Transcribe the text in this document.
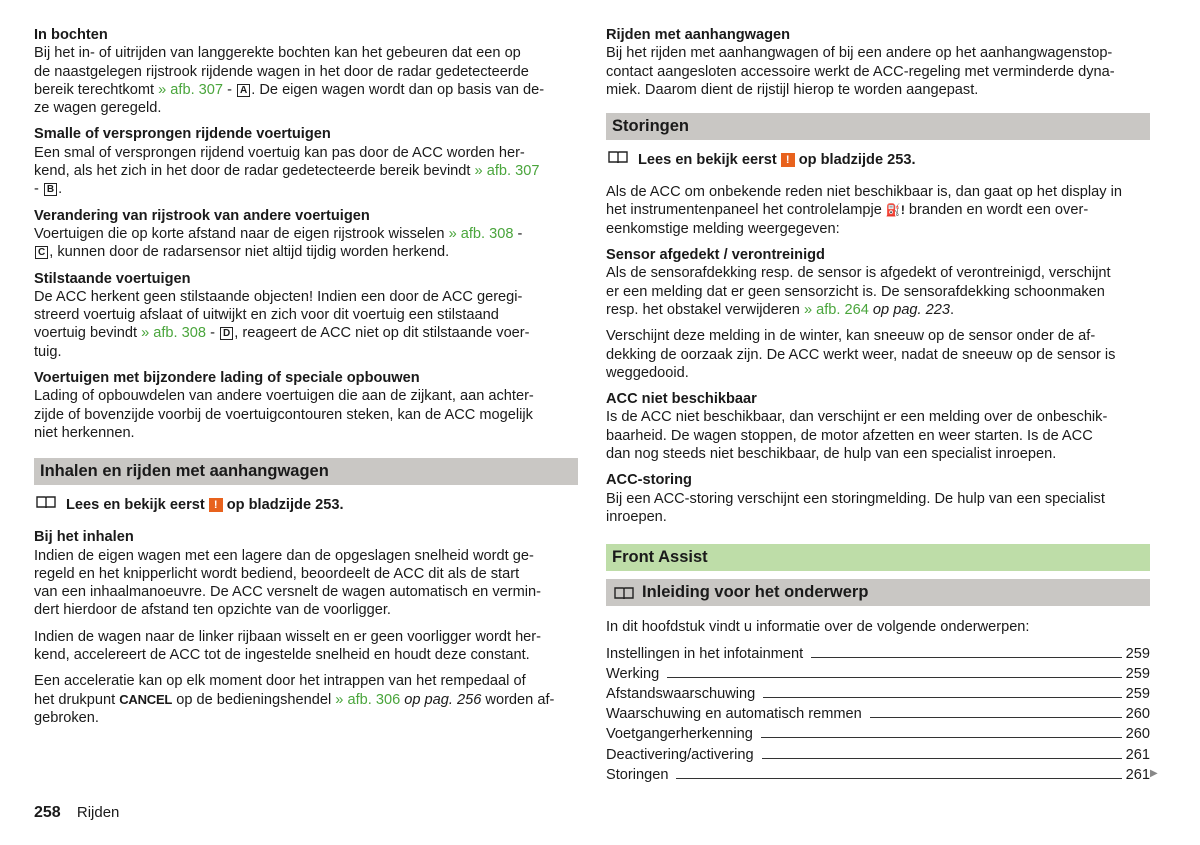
In bochten

Bij het in- of uitrijden van langgerekte bochten kan het gebeuren dat een op

de naastgelegen rijstrook rijdende wagen in het door de radar gedetecteerde

bereik terechtkomt » afb. 307 - A . De eigen wagen wordt dan op basis van de-

ze wagen geregeld.

Smalle of versprongen rijdende voertuigen

Een smal of versprongen rijdend voertuig kan pas door de ACC worden her-

kend, als het zich in het door de radar gedetecteerde bereik bevindt » afb. 307

- B .

Verandering van rijstrook van andere voertuigen

Voertuigen die op korte afstand naar de eigen rijstrook wisselen » afb. 308 -

C , kunnen door de radarsensor niet altijd tijdig worden herkend.

Stilstaande voertuigen

De ACC herkent geen stilstaande objecten! Indien een door de ACC geregi-

streerd voertuig afslaat of uitwijkt en zich voor dit voertuig een stilstaand

voertuig bevindt » afb. 308 - D , reageert de ACC niet op dit stilstaande voer-

tuig.

Voertuigen met bijzondere lading of speciale opbouwen

Lading of opbouwdelen van andere voertuigen die aan de zijkant, aan achter-

zijde of bovenzijde voorbij de voertuigcontouren steken, kan de ACC mogelijk

niet herkennen.

Inhalen en rijden met aanhangwagen
Lees en bekijk eerst ! op bladzijde 253.

Bij het inhalen

Indien de eigen wagen met een lagere dan de opgeslagen snelheid wordt ge-

regeld en het knipperlicht wordt bediend, beoordeelt de ACC dit als de start

van een inhaalmanoeuvre. De ACC versnelt de wagen automatisch en vermin-

dert hierdoor de afstand ten opzichte van de voorligger.

Indien de wagen naar de linker rijbaan wisselt en er geen voorligger wordt her-

kend, accelereert de ACC tot de ingestelde snelheid en houdt deze constant.

Een acceleratie kan op elk moment door het intrappen van het rempedaal of

het drukpunt CANCEL op de bedieningshendel » afb. 306 op pag. 256 worden af-

gebroken.

Rijden met aanhangwagen

Bij het rijden met aanhangwagen of bij een andere op het aanhangwagenstop-

contact aangesloten accessoire werkt de ACC-regeling met verminderde dyna-

miek. Daarom dient de rijstijl hierop te worden aangepast.

Storingen
Lees en bekijk eerst ! op bladzijde 253.

Als de ACC om onbekende reden niet beschikbaar is, dan gaat op het display in

het instrumentenpaneel het controlelampje ⛽! branden en wordt een over-

eenkomstige melding weergegeven:

Sensor afgedekt / verontreinigd

Als de sensorafdekking resp. de sensor is afgedekt of verontreinigd, verschijnt

er een melding dat er geen sensorzicht is. De sensorafdekking schoonmaken

resp. het obstakel verwijderen » afb. 264 op pag. 223.

Verschijnt deze melding in de winter, kan sneeuw op de sensor onder de af-

dekking de oorzaak zijn. De ACC werkt weer, nadat de sneeuw op de sensor is

weggedooid.

ACC niet beschikbaar

Is de ACC niet beschikbaar, dan verschijnt er een melding over de onbeschik-

baarheid. De wagen stoppen, de motor afzetten en weer starten. Is de ACC

dan nog steeds niet beschikbaar, de hulp van een specialist inroepen.

ACC-storing

Bij een ACC-storing verschijnt een storingmelding. De hulp van een specialist

inroepen.

Front Assist
Inleiding voor het onderwerp

In dit hoofdstuk vindt u informatie over de volgende onderwerpen:

Instellingen in het infotainment	259
Werking	259
Afstandswaarschuwing	259
Waarschuwing en automatisch remmen	260
Voetgangerherkenning	260
Deactivering/activering	261
Storingen	261 ▶
258 Rijden
